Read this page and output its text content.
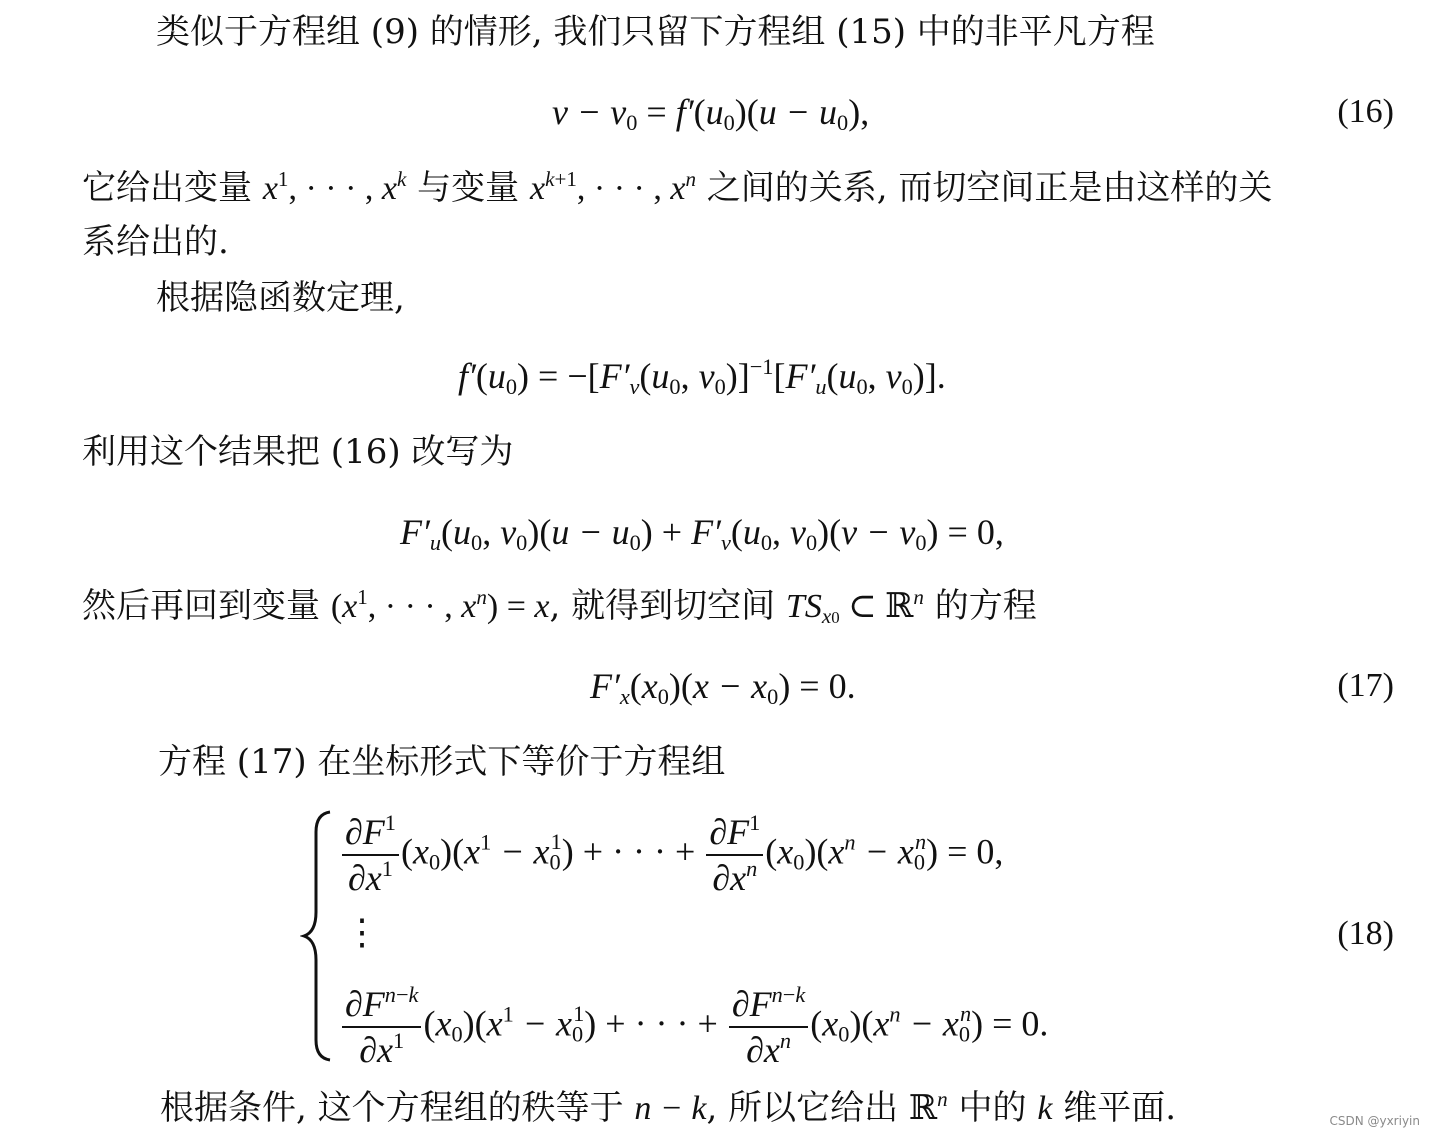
类似于方程组 (9) 的情形, 我们只留下方程组 (15) 中的非平凡方程
$v - v_0 = f'(u_0)(u - u_0)$,	(16)
它给出变量 $x^1$, · · · , $x^k$ 与变量 $x^{k+1}$, · · · , $x^n$ 之间的关系, 而切空间正是由这样的关
系给出的.
根据隐函数定理,
$f'(u_0) = -[F'_v(u_0$, $v_0)]^{-1}[F'_u(u_0$, $v_0$)].
利用这个结果把 (16) 改写为
$F'_u(u_0$, $v_0)(u - u_0) + F'_v(u_0$, $v_0)(v - v_0) = 0$,
然后再回到变量 ($x^1$, · · · , $x^n) = x$, 就得到切空间 $TS_{x0}$ ⊂ ℝ$^n$ 的方程
$F'_x(x_0)(x - x_0) = 0$.	(17)
方程 (17) 在坐标形式下等价于方程组
$\frac{\partial F^1}{\partial x^1} (x_0)(x^1 - x_0^1)$ + · · · + $\frac{\partial F^1}{\partial x^n} (x_0)(x^n - x_0^n) = 0$,
⋮	(18)
$\frac{\partial F^{n-k}}{\partial x^1} (x_0)(x^1 - x_0^1)$ + · · · + $\frac{\partial F^{n-k}}{\partial x^n} (x_0)(x^n - x_0^n) = 0$.
根据条件, 这个方程组的秩等于 n − k, 所以它给出 ℝ$^n$ 中的 k 维平面.	CSDN @yxriyin
